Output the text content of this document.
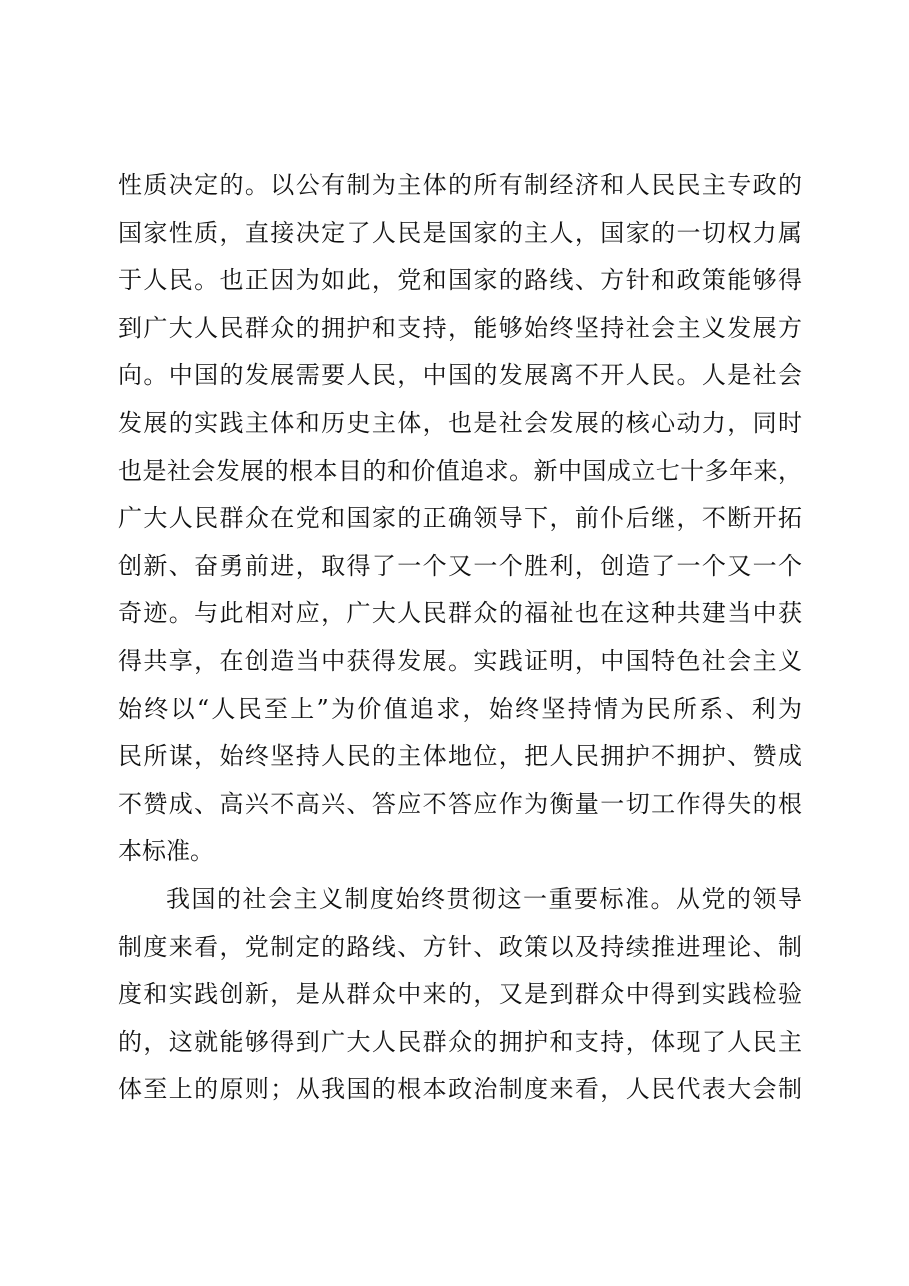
性质决定的。以公有制为主体的所有制经济和人民民主专政的
国家性质，直接决定了人民是国家的主人，国家的一切权力属
于人民。也正因为如此，党和国家的路线、方针和政策能够得
到广大人民群众的拥护和支持，能够始终坚持社会主义发展方
向。中国的发展需要人民，中国的发展离不开人民。人是社会
发展的实践主体和历史主体，也是社会发展的核心动力，同时
也是社会发展的根本目的和价值追求。新中国成立七十多年来，
广大人民群众在党和国家的正确领导下，前仆后继，不断开拓
创新、奋勇前进，取得了一个又一个胜利，创造了一个又一个
奇迹。与此相对应，广大人民群众的福祉也在这种共建当中获
得共享，在创造当中获得发展。实践证明，中国特色社会主义
始终以“人民至上”为价值追求，始终坚持情为民所系、利为
民所谋，始终坚持人民的主体地位，把人民拥护不拥护、赞成
不赞成、高兴不高兴、答应不答应作为衡量一切工作得失的根
本标准。
我国的社会主义制度始终贯彻这一重要标准。从党的领导
制度来看，党制定的路线、方针、政策以及持续推进理论、制
度和实践创新，是从群众中来的，又是到群众中得到实践检验
的，这就能够得到广大人民群众的拥护和支持，体现了人民主
体至上的原则；从我国的根本政治制度来看，人民代表大会制
